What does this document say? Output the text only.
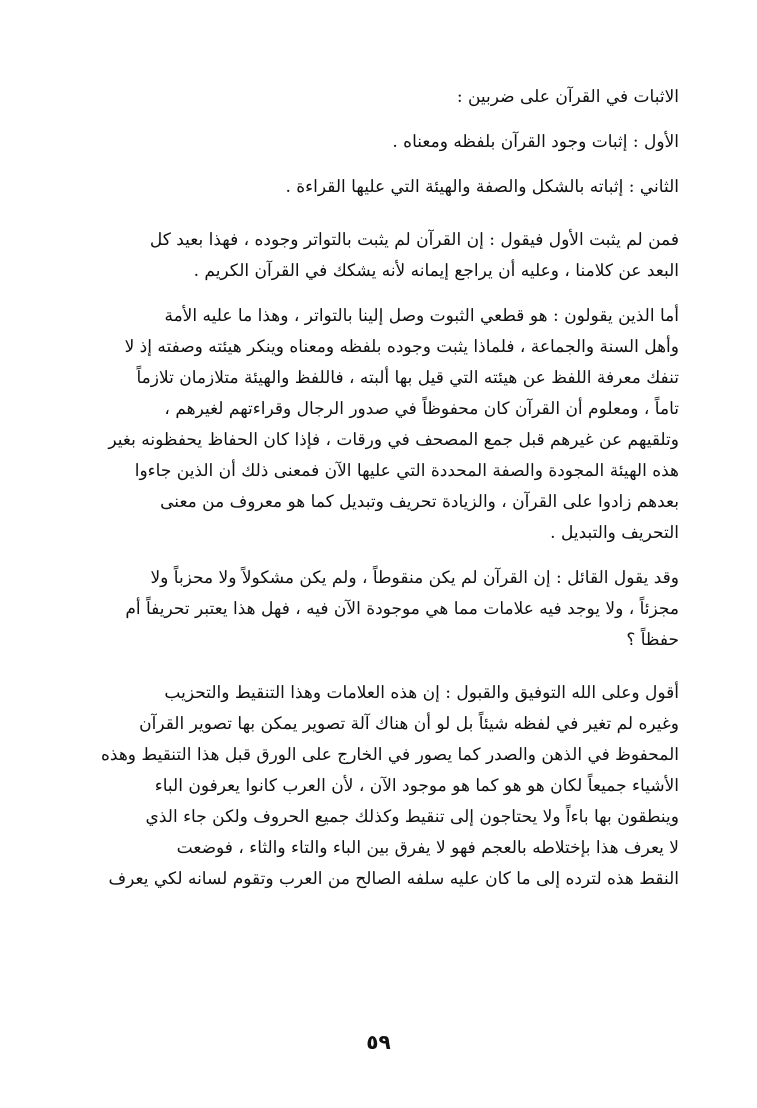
الاثبات في القرآن على ضربين :

الأول : إثبات وجود القرآن بلفظه ومعناه .

الثاني : إثباته بالشكل والصفة والهيئة التي عليها القراءة .

فمن لم يثبت الأول فيقول : إن القرآن لم يثبت بالتواتر وجوده ، فهذا بعيد كل
البعد عن كلامنا ، وعليه أن يراجع إيمانه لأنه يشكك في القرآن الكريم .

أما الذين يقولون : هو قطعي الثبوت وصل إلينا بالتواتر ، وهذا ما عليه الأمة
وأهل السنة والجماعة ، فلماذا يثبت وجوده بلفظه ومعناه وينكر هيئته وصفته إذ لا
تنفك معرفة اللفظ عن هيئته التي قيل بها ألبته ، فاللفظ والهيئة متلازمان تلازماً
تاماً ، ومعلوم أن القرآن كان محفوظاً في صدور الرجال وقراءتهم لغيرهم ،
وتلقيهم عن غيرهم قبل جمع المصحف في ورقات ، فإذا كان الحفاظ يحفظونه بغير
هذه الهيئة المجودة والصفة المحددة التي عليها الآن فمعنى ذلك أن الذين جاءوا
بعدهم زادوا على القرآن ، والزيادة تحريف وتبديل كما هو معروف من معنى
التحريف والتبديل .

وقد يقول القائل : إن القرآن لم يكن منقوطاً ، ولم يكن مشكولاً ولا محزباً ولا
مجزئاً ، ولا يوجد فيه علامات مما هي موجودة الآن فيه ، فهل هذا يعتبر تحريفاً أم
حفظاً ؟

أقول وعلى الله التوفيق والقبول : إن هذه العلامات وهذا التنقيط والتحزيب
وغيره لم تغير في لفظه شيئاً بل لو أن هناك آلة تصوير يمكن بها تصوير القرآن
المحفوظ في الذهن والصدر كما يصور في الخارج على الورق قبل هذا التنقيط وهذه
الأشياء جميعاً لكان هو هو كما هو موجود الآن ، لأن العرب كانوا يعرفون الباء
وينطقون بها باءاً ولا يحتاجون إلى تنقيط وكذلك جميع الحروف ولكن جاء الذي
لا يعرف هذا بإختلاطه بالعجم فهو لا يفرق بين الباء والتاء والثاء ، فوضعت
النقط هذه لترده إلى ما كان عليه سلفه الصالح من العرب وتقوم لسانه لكي يعرف

٥٩
